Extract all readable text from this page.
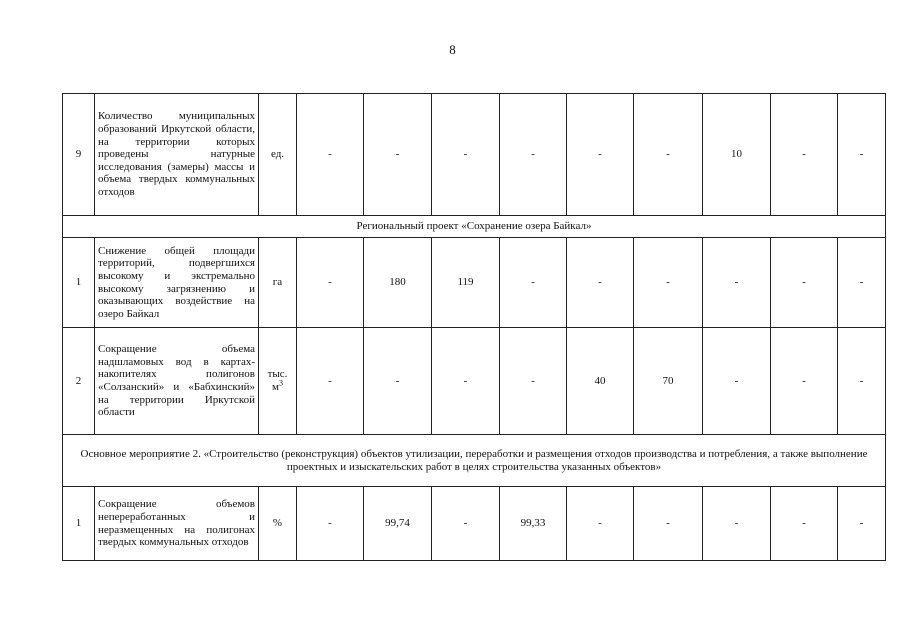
8
9	Количество муниципальных образований Иркутской области, на территории которых проведены натурные исследования (замеры) массы и объема твердых коммунальных отходов	ед.	-	-	-	-	-	-	10	-	-
Региональный проект «Сохранение озера Байкал»											
1	Снижение общей площади территорий, подвергшихся высокому и экстремально высокому загрязнению и оказывающих воздействие на озеро Байкал	га	-	180	119	-	-	-	-	-	-
2	Сокращение объема надшламовых вод в картах-накопителях полигонов «Солзанский» и «Бабхинский» на территории Иркутской области	тыс. $м^3$	-	-	-	-	40	70	-	-	-
Основное мероприятие 2. «Строительство (реконструкция) объектов утилизации, переработки и размещения отходов производства и потребления, а также выполнение проектных и изыскательских работ в целях строительства указанных объектов»											
1	Сокращение объемов непереработанных и неразмещенных на полигонах твердых коммунальных отходов	%	-	99,74	-	99,33	-	-	-	-	-
